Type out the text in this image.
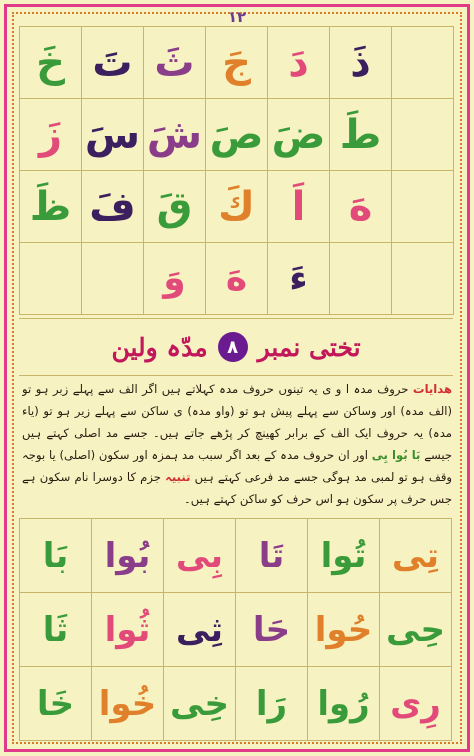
١٢
خَ تَ ثَ جَ دَ	ذَ
زَ سَ شَ صَ ضَ طَ
ظَ فَ قَ كَ اَ	هَ
وَ	هَ	ءَ
تختی نمبر
٨
مدّہ ولین
ھدایات حروف مدہ ا و ی یہ تینوں حروف مدہ کہلاتے ہیں اگر الف سے پہلے زبر ہو تو (الف مدہ) اور وساکن سے پہلے پیش ہو تو (واو مدہ) ی ساکن سے پہلے زیر ہو تو (یاء مدہ) یہ حروف ایک الف کے برابر کھینچ کر پڑھے جاتے ہیں۔ جسے مد اصلی کہتے ہیں جیسے بَا بُوا بِی اور ان حروف مدہ کے بعد اگر سبب مد ہمزہ اور سکون (اصلی) یا بوجہ وقف ہو تو لمبی مد ہوگی جسے مد فرعی کہتے ہیں تنبیہ جزم کا دوسرا نام سکون ہے جس حرف پر سکون ہو اس حرف کو ساکن کہتے ہیں۔
بَا	بُوا بِی	تَا	تُوا تِی
ثَا	ثُوا ثِی حَا حُوا حِی
خَا خُوا خِی رَا رُوا رِی
